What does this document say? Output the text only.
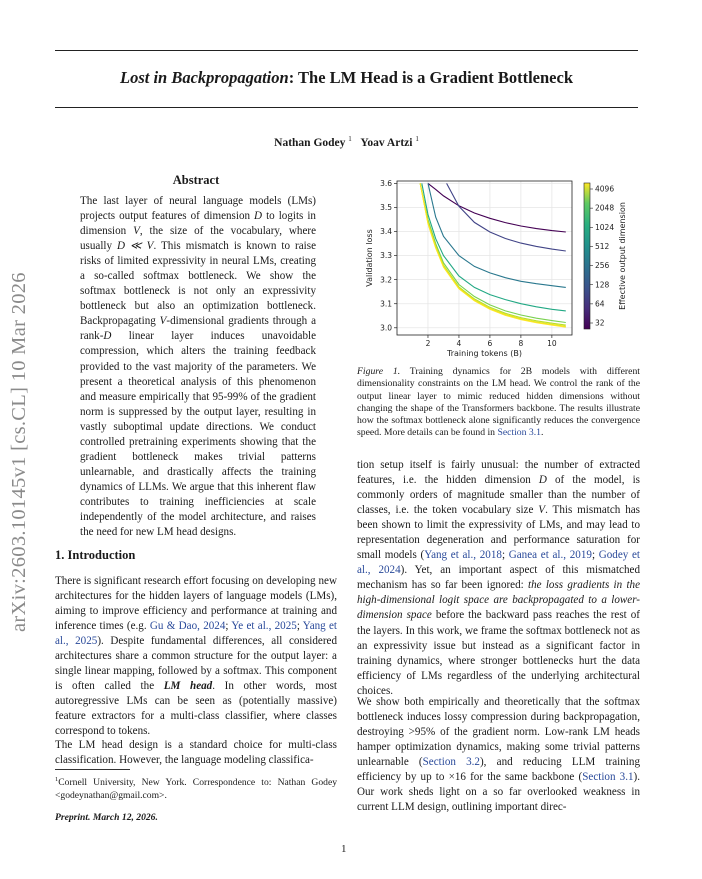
arXiv:2603.10145v1 [cs.CL] 10 Mar 2026
Lost in Backpropagation: The LM Head is a Gradient Bottleneck
Nathan Godey $^1$ Yoav Artzi $^1$
Abstract
The last layer of neural language models (LMs) projects output features of dimension D to logits in dimension V, the size of the vocabulary, where usually D ≪ V. This mismatch is known to raise risks of limited expressivity in neural LMs, creating a so-called softmax bottleneck. We show the softmax bottleneck is not only an expressivity bottleneck but also an optimization bottleneck. Backpropagating V-dimensional gradients through a rank-D linear layer induces unavoidable compression, which alters the training feedback provided to the vast majority of the parameters. We present a theoretical analysis of this phenomenon and measure empirically that 95-99% of the gradient norm is suppressed by the output layer, resulting in vastly suboptimal update directions. We conduct controlled pretraining experiments showing that the gradient bottleneck makes trivial patterns unlearnable, and drastically affects the training dynamics of LLMs. We argue that this inherent flaw contributes to training inefficiencies at scale independently of the model architecture, and raises the need for new LM head designs.
1. Introduction
There is significant research effort focusing on developing new architectures for the hidden layers of language models (LMs), aiming to improve efficiency and performance at training and inference times (e.g. Gu & Dao, 2024; Ye et al., 2025; Yang et al., 2025). Despite fundamental differences, all considered architectures share a common structure for the output layer: a single linear mapping, followed by a softmax. This component is often called the LM head. In other words, most autoregressive LMs can be seen as (potentially massive) feature extractors for a multi-class classifier, where classes correspond to tokens.
The LM head design is a standard choice for multi-class classification. However, the language modeling classifica-
$^1$Cornell University, New York. Correspondence to: Nathan Godey <godeynathan@gmail.com>.
Preprint. March 12, 2026.
2	4	6	8	10
3.0
3.1
3.2
3.3
3.4
3.5
3.6
Training tokens (B)
Validation loss
4096
2048
1024
512
256
128
64
32
Effective output dimension
Figure 1. Training dynamics for 2B models with different dimensionality constraints on the LM head. We control the rank of the output linear layer to mimic reduced hidden dimensions without changing the shape of the Transformers backbone. The results illustrate how the softmax bottleneck alone significantly reduces the convergence speed. More details can be found in Section 3.1.
tion setup itself is fairly unusual: the number of extracted features, i.e. the hidden dimension D of the model, is commonly orders of magnitude smaller than the number of classes, i.e. the token vocabulary size V. This mismatch has been shown to limit the expressivity of LMs, and may lead to representation degeneration and performance saturation for small models (Yang et al., 2018; Ganea et al., 2019; Godey et al., 2024). Yet, an important aspect of this mismatched mechanism has so far been ignored: the loss gradients in the high-dimensional logit space are backpropagated to a lower-dimension space before the backward pass reaches the rest of the layers. In this work, we frame the softmax bottleneck not as an expressivity issue but instead as a significant factor in training dynamics, where stronger bottlenecks hurt the data efficiency of LMs regardless of the underlying architectural choices.
We show both empirically and theoretically that the softmax bottleneck induces lossy compression during backpropagation, destroying >95% of the gradient norm. Low-rank LM heads hamper optimization dynamics, making some trivial patterns unlearnable (Section 3.2), and reducing LLM training efficiency by up to ×16 for the same backbone (Section 3.1). Our work sheds light on a so far overlooked weakness in current LLM design, outlining important direc-
1
